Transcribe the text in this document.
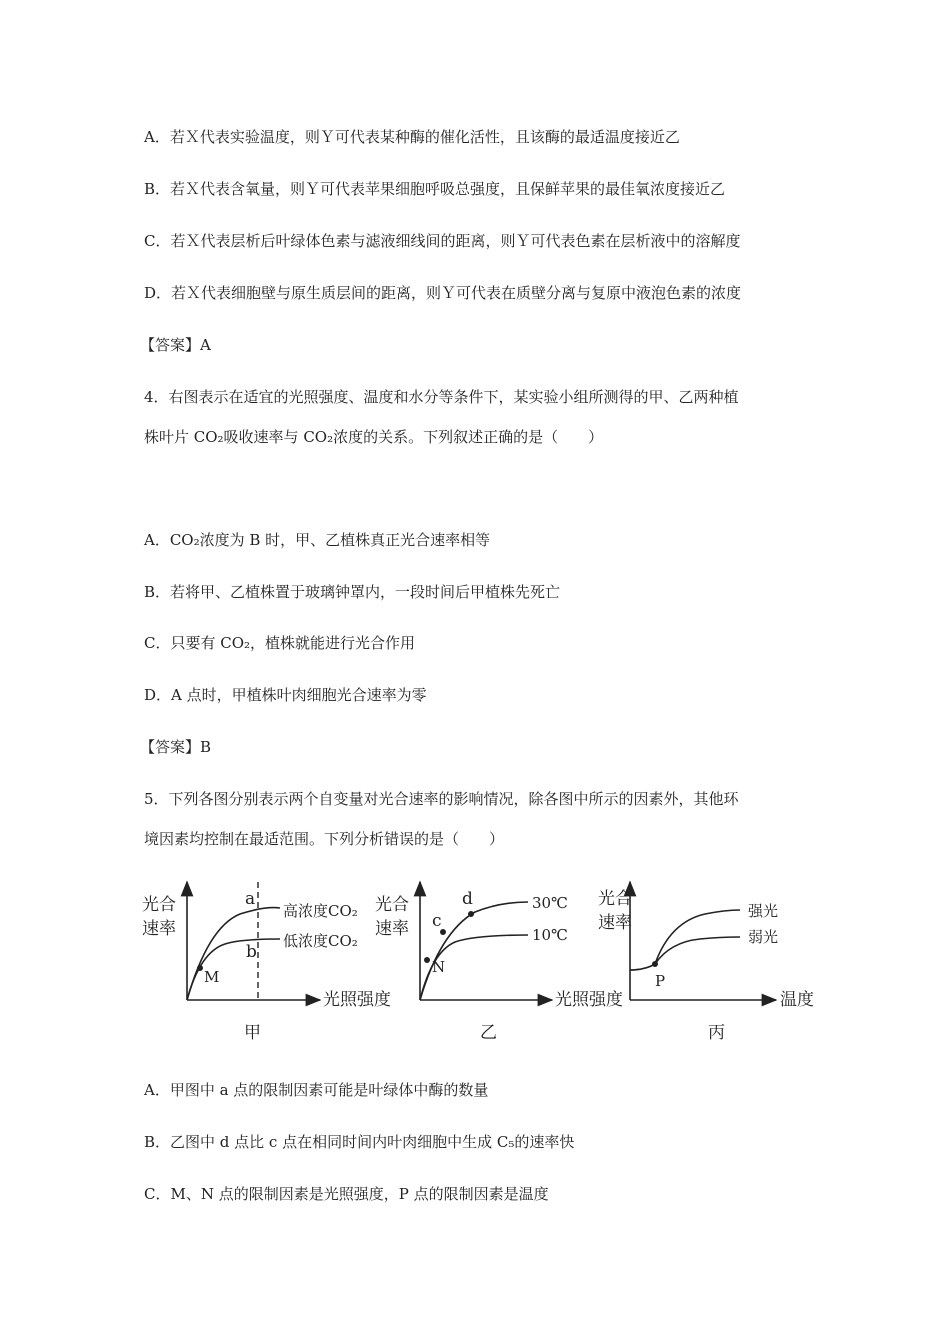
A．若Ｘ代表实验温度，则Ｙ可代表某种酶的催化活性，且该酶的最适温度接近乙
B．若Ｘ代表含氧量，则Ｙ可代表苹果细胞呼吸总强度，且保鲜苹果的最佳氧浓度接近乙
C．若Ｘ代表层析后叶绿体色素与滤液细线间的距离，则Ｙ可代表色素在层析液中的溶解度
D．若Ｘ代表细胞壁与原生质层间的距离，则Ｙ可代表在质壁分离与复原中液泡色素的浓度
【答案】A
4．右图表示在适宜的光照强度、温度和水分等条件下，某实验小组所测得的甲、乙两种植
株叶片 CO₂吸收速率与 CO₂浓度的关系。下列叙述正确的是（　　）
A．CO₂浓度为 B 时，甲、乙植株真正光合速率相等
B．若将甲、乙植株置于玻璃钟罩内，一段时间后甲植株先死亡
C．只要有 CO₂，植株就能进行光合作用
D．A 点时，甲植株叶肉细胞光合速率为零
【答案】B
5．下列各图分别表示两个自变量对光合速率的影响情况，除各图中所示的因素外，其他环
境因素均控制在最适范围。下列分析错误的是（　　）
光合
速率
光照强度
a
b
M
高浓度CO₂
低浓度CO₂
甲
光合
速率
光照强度
c
d
N
30℃
10℃
乙
光合
速率
温度
P
强光
弱光
丙
A．甲图中 a 点的限制因素可能是叶绿体中酶的数量
B．乙图中 d 点比 c 点在相同时间内叶肉细胞中生成 C₅的速率快
C．M、N 点的限制因素是光照强度，P 点的限制因素是温度
